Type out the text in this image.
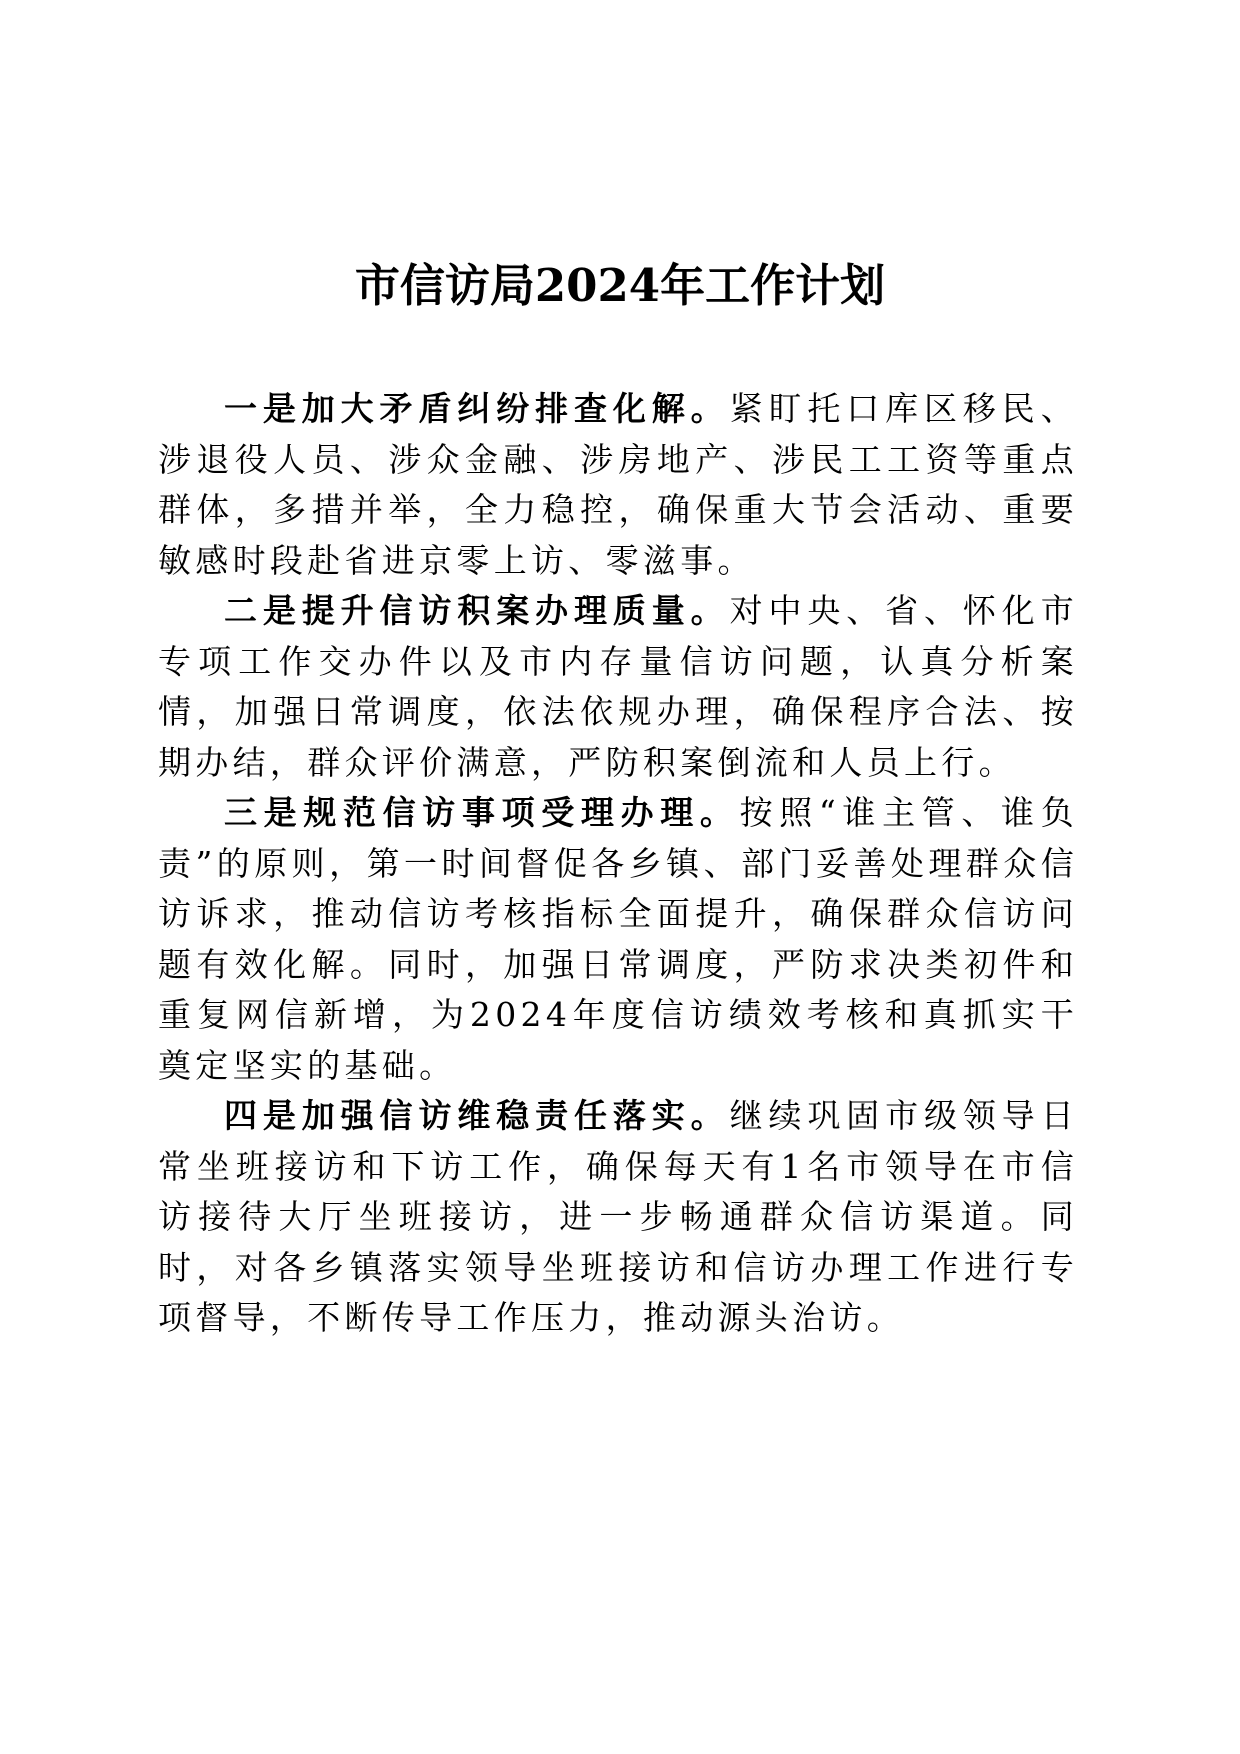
市信访局2024年工作计划

一是加大矛盾纠纷排查化解。紧盯托口库区移民、涉退役人员、涉众金融、涉房地产、涉民工工资等重点群体，多措并举，全力稳控，确保重大节会活动、重要敏感时段赴省进京零上访、零滋事。

二是提升信访积案办理质量。对中央、省、怀化市专项工作交办件以及市内存量信访问题，认真分析案情，加强日常调度，依法依规办理，确保程序合法、按期办结，群众评价满意，严防积案倒流和人员上行。

三是规范信访事项受理办理。按照“谁主管、谁负责”的原则，第一时间督促各乡镇、部门妥善处理群众信访诉求，推动信访考核指标全面提升，确保群众信访问题有效化解。同时，加强日常调度，严防求决类初件和重复网信新增，为2024年度信访绩效考核和真抓实干奠定坚实的基础。

四是加强信访维稳责任落实。继续巩固市级领导日常坐班接访和下访工作，确保每天有1名市领导在市信访接待大厅坐班接访，进一步畅通群众信访渠道。同时，对各乡镇落实领导坐班接访和信访办理工作进行专项督导，不断传导工作压力，推动源头治访。
